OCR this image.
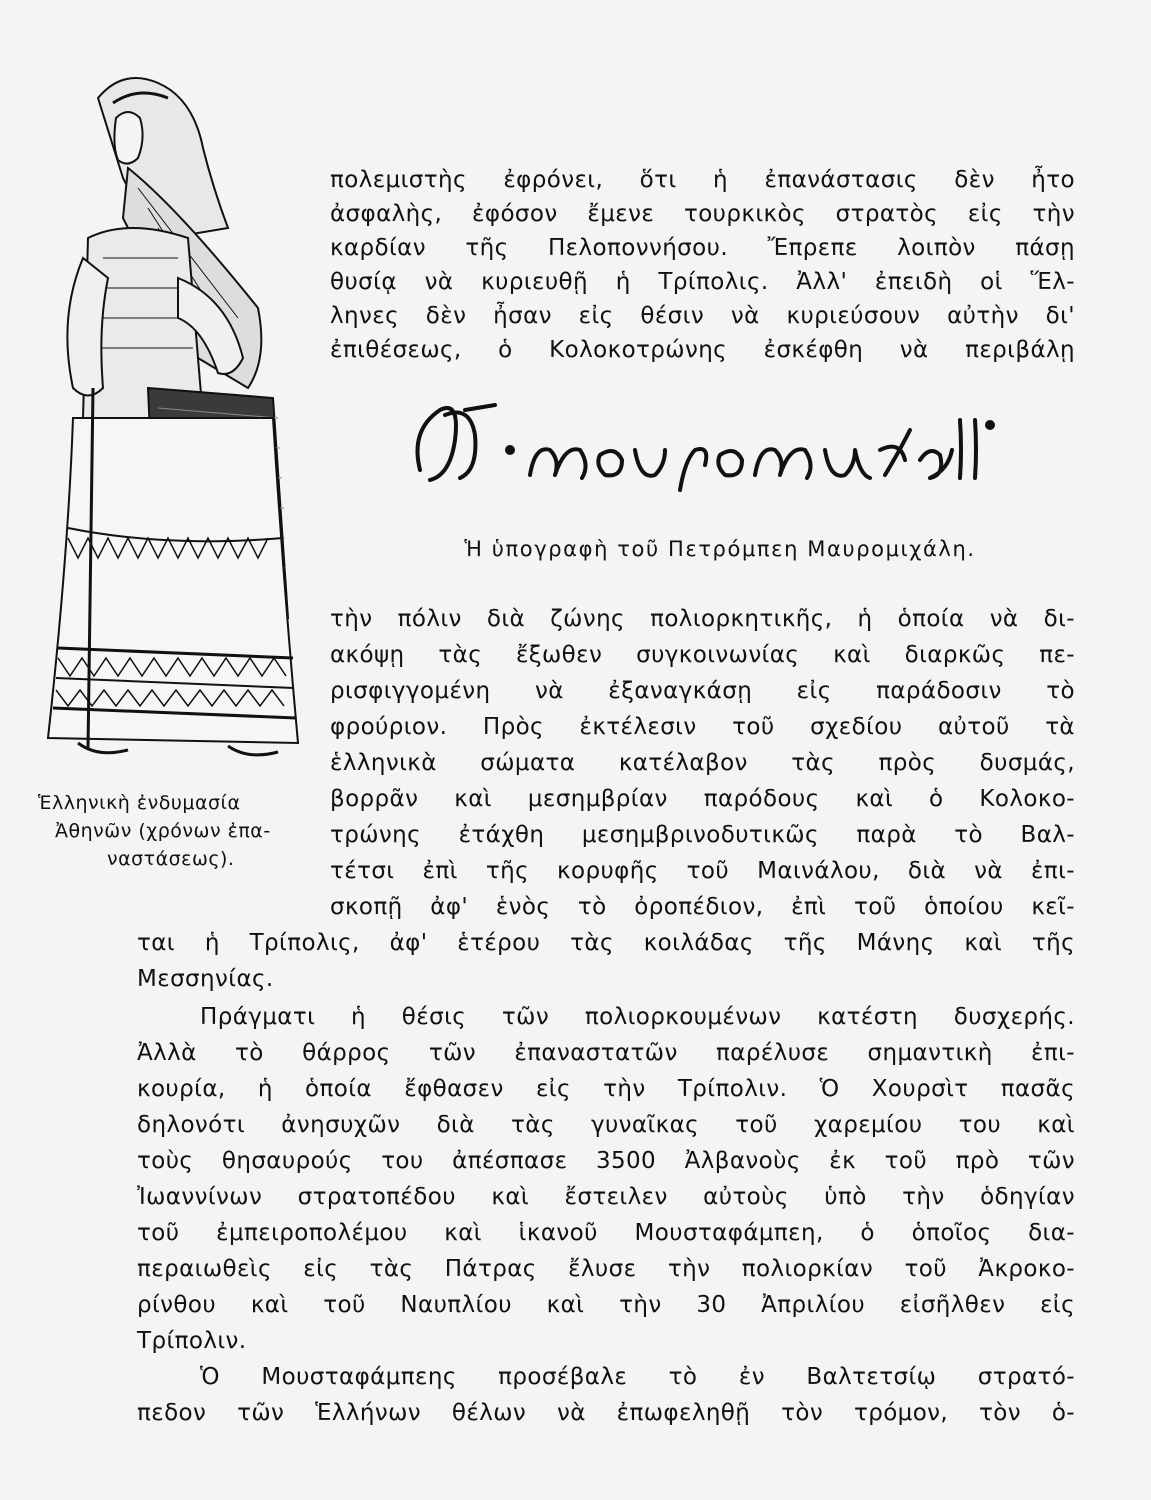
Ἑλληνικὴ ἐνδυμασία
Ἀθηνῶν (χρόνων ἐπα-
ναστάσεως).
πολεμιστὴς ἐφρόνει, ὅτι ἡ ἐπανάστασις δὲν ἦτο
ἀσφαλὴς, ἐφόσον ἔμενε τουρκικὸς στρατὸς εἰς τὴν
καρδίαν τῆς Πελοποννήσου. Ἔπρεπε λοιπὸν πάσῃ
θυσίᾳ νὰ κυριευθῇ ἡ Τρίπολις. Ἀλλ' ἐπειδὴ οἱ Ἕλ-
ληνες δὲν ἦσαν εἰς θέσιν νὰ κυριεύσουν αὐτὴν δι'
ἐπιθέσεως, ὁ Κολοκοτρώνης ἐσκέφθη νὰ περιβάλῃ
Ἡ ὑπογραφὴ τοῦ Πετρόμπεη Μαυρομιχάλη.
τὴν πόλιν διὰ ζώνης πολιορκητικῆς, ἡ ὁποία νὰ δι-
ακόψῃ τὰς ἔξωθεν συγκοινωνίας καὶ διαρκῶς πε-
ρισφιγγομένη νὰ ἐξαναγκάσῃ εἰς παράδοσιν τὸ
φρούριον. Πρὸς ἐκτέλεσιν τοῦ σχεδίου αὐτοῦ τὰ
ἑλληνικὰ σώματα κατέλαβον τὰς πρὸς δυσμάς,
βορρᾶν καὶ μεσημβρίαν παρόδους καὶ ὁ Κολοκο-
τρώνης ἐτάχθη μεσημβρινοδυτικῶς παρὰ τὸ Βαλ-
τέτσι ἐπὶ τῆς κορυφῆς τοῦ Μαινάλου, διὰ νὰ ἐπι-
σκοπῇ ἀφ' ἑνὸς τὸ ὀροπέδιον, ἐπὶ τοῦ ὁποίου κεῖ-
ται ἡ Τρίπολις, ἀφ' ἑτέρου τὰς κοιλάδας τῆς Μάνης καὶ τῆς
Μεσσηνίας.
Πράγματι ἡ θέσις τῶν πολιορκουμένων κατέστη δυσχερής.
Ἀλλὰ τὸ θάρρος τῶν ἐπαναστατῶν παρέλυσε σημαντικὴ ἐπι-
κουρία, ἡ ὁποία ἔφθασεν εἰς τὴν Τρίπολιν. Ὁ Χουρσὶτ πασᾶς
δηλονότι ἀνησυχῶν διὰ τὰς γυναῖκας τοῦ χαρεμίου του καὶ
τοὺς θησαυρούς του ἀπέσπασε 3500 Ἀλβανοὺς ἐκ τοῦ πρὸ τῶν
Ἰωαννίνων στρατοπέδου καὶ ἔστειλεν αὐτοὺς ὑπὸ τὴν ὁδηγίαν
τοῦ ἐμπειροπολέμου καὶ ἱκανοῦ Μουσταφάμπεη, ὁ ὁποῖος δια-
περαιωθεὶς εἰς τὰς Πάτρας ἔλυσε τὴν πολιορκίαν τοῦ Ἀκροκο-
ρίνθου καὶ τοῦ Ναυπλίου καὶ τὴν 30 Ἀπριλίου εἰσῆλθεν εἰς
Τρίπολιν.
Ὁ Μουσταφάμπεης προσέβαλε τὸ ἐν Βαλτετσίῳ στρατό-
πεδον τῶν Ἑλλήνων θέλων νὰ ἐπωφεληθῇ τὸν τρόμον, τὸν ὁ-
